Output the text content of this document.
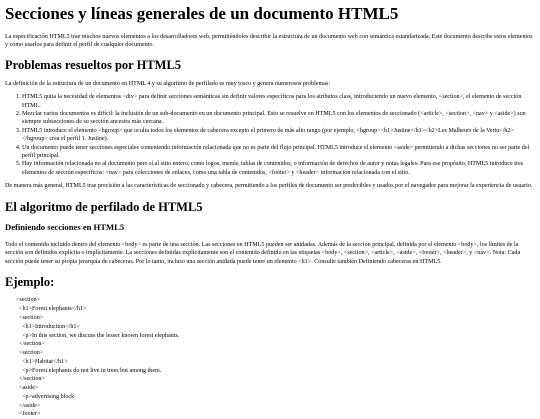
Secciones y líneas generales de un documento HTML5

La especificación HTML5 trae muchos nuevos elementos a los desarrolladores web, permitiéndoles describir la estructura de un documento web con semántica estandarizada. Este documento describe estos elementos y cómo usarlos para definir el perfil de cualquier documento.

Problemas resueltos por HTML5

La definición de la estructura de un documento en HTML 4 y su algoritmo de perfilado es muy tosco y genera numerosos problemas:

1. HTML5 quita la necesidad de elementos <div> para definir secciones semánticas sin definir valores específicos para los atributos class, introduciendo un nuevo elemento, <section>, el elemento de sección HTML.
2. Mezclar varios documentos es difícil: la inclusión de un sub-documento en un documento principal. Esto se resuelve en HTML5 con los elementos de seccionado (<article>, <section>, <nav> y <aside>) son siempre subsecciones de su sección ancestra más cercana.
3. HTML5 introduce el elemento <hgroup> que oculta todos los elementos de cabecera excepto el primero de más alto rango (por ejemplo, <hgroup><h1>Justine</h1><h2>Les Malheurs de la Vertu</h2></hgroup> crea el perfil 1. Justine).
4. Un documento puede tener secciones especiales conteniendo información relacionada que no es parte del flujo principal. HTML5 introduce el elemento <aside> permitiendo a dichas secciones no ser parte del perfil principal.
5. Hay información relacionada no al documento pero sí al sitio entero, como logos, menús, tablas de contenidos, o información de derechos de autor y notas legales. Para ese propósito, HTML5 introduce tres elementos de sección específicos: <nav> para colecciones de enlaces, como una tabla de contenidos, <footer> y <header> información relacionada con el sitio.

De manera más general, HTML5 trae precisión a las características de seccionado y cabecera, permitiendo a los perfiles de documento ser predecibles y usados por el navegador para mejorar la experiencia de usuario.

El algoritmo de perfilado de HTML5
Definiendo secciones en HTML5

Todo el contenido incluido dentro del elemento <body> es parte de una sección. Las secciones en HTML5 pueden ser anidadas. Además de la sección principal, definida por el elemento <body>, los límites de la sección son definidos explícita o implícitamente. La secciones definidas explícitamente son el contenido definido en las etiquetas <body>, <section>, <article>, <aside>, <footer>, <header>, y <nav>. Nota: Cada sección puede tener su propia jerarquía de cabeceras. Por lo tanto, incluso una sección anidada puede tener un elemento <h1>. Consulte también Definiendo cabeceras en HTML5.

Ejemplo:
<section>
<h1>Forest elephants</h1>
<section>
<h1>Introduction</h1>
<p>In this section, we discuss the lesser known forest elephants.
</section>
<section>
<h1>Habitat</h1>
<p>Forest elephants do not live in trees but among them.
</section>
<aside>
<p>advertising block
</aside>
<footer>
